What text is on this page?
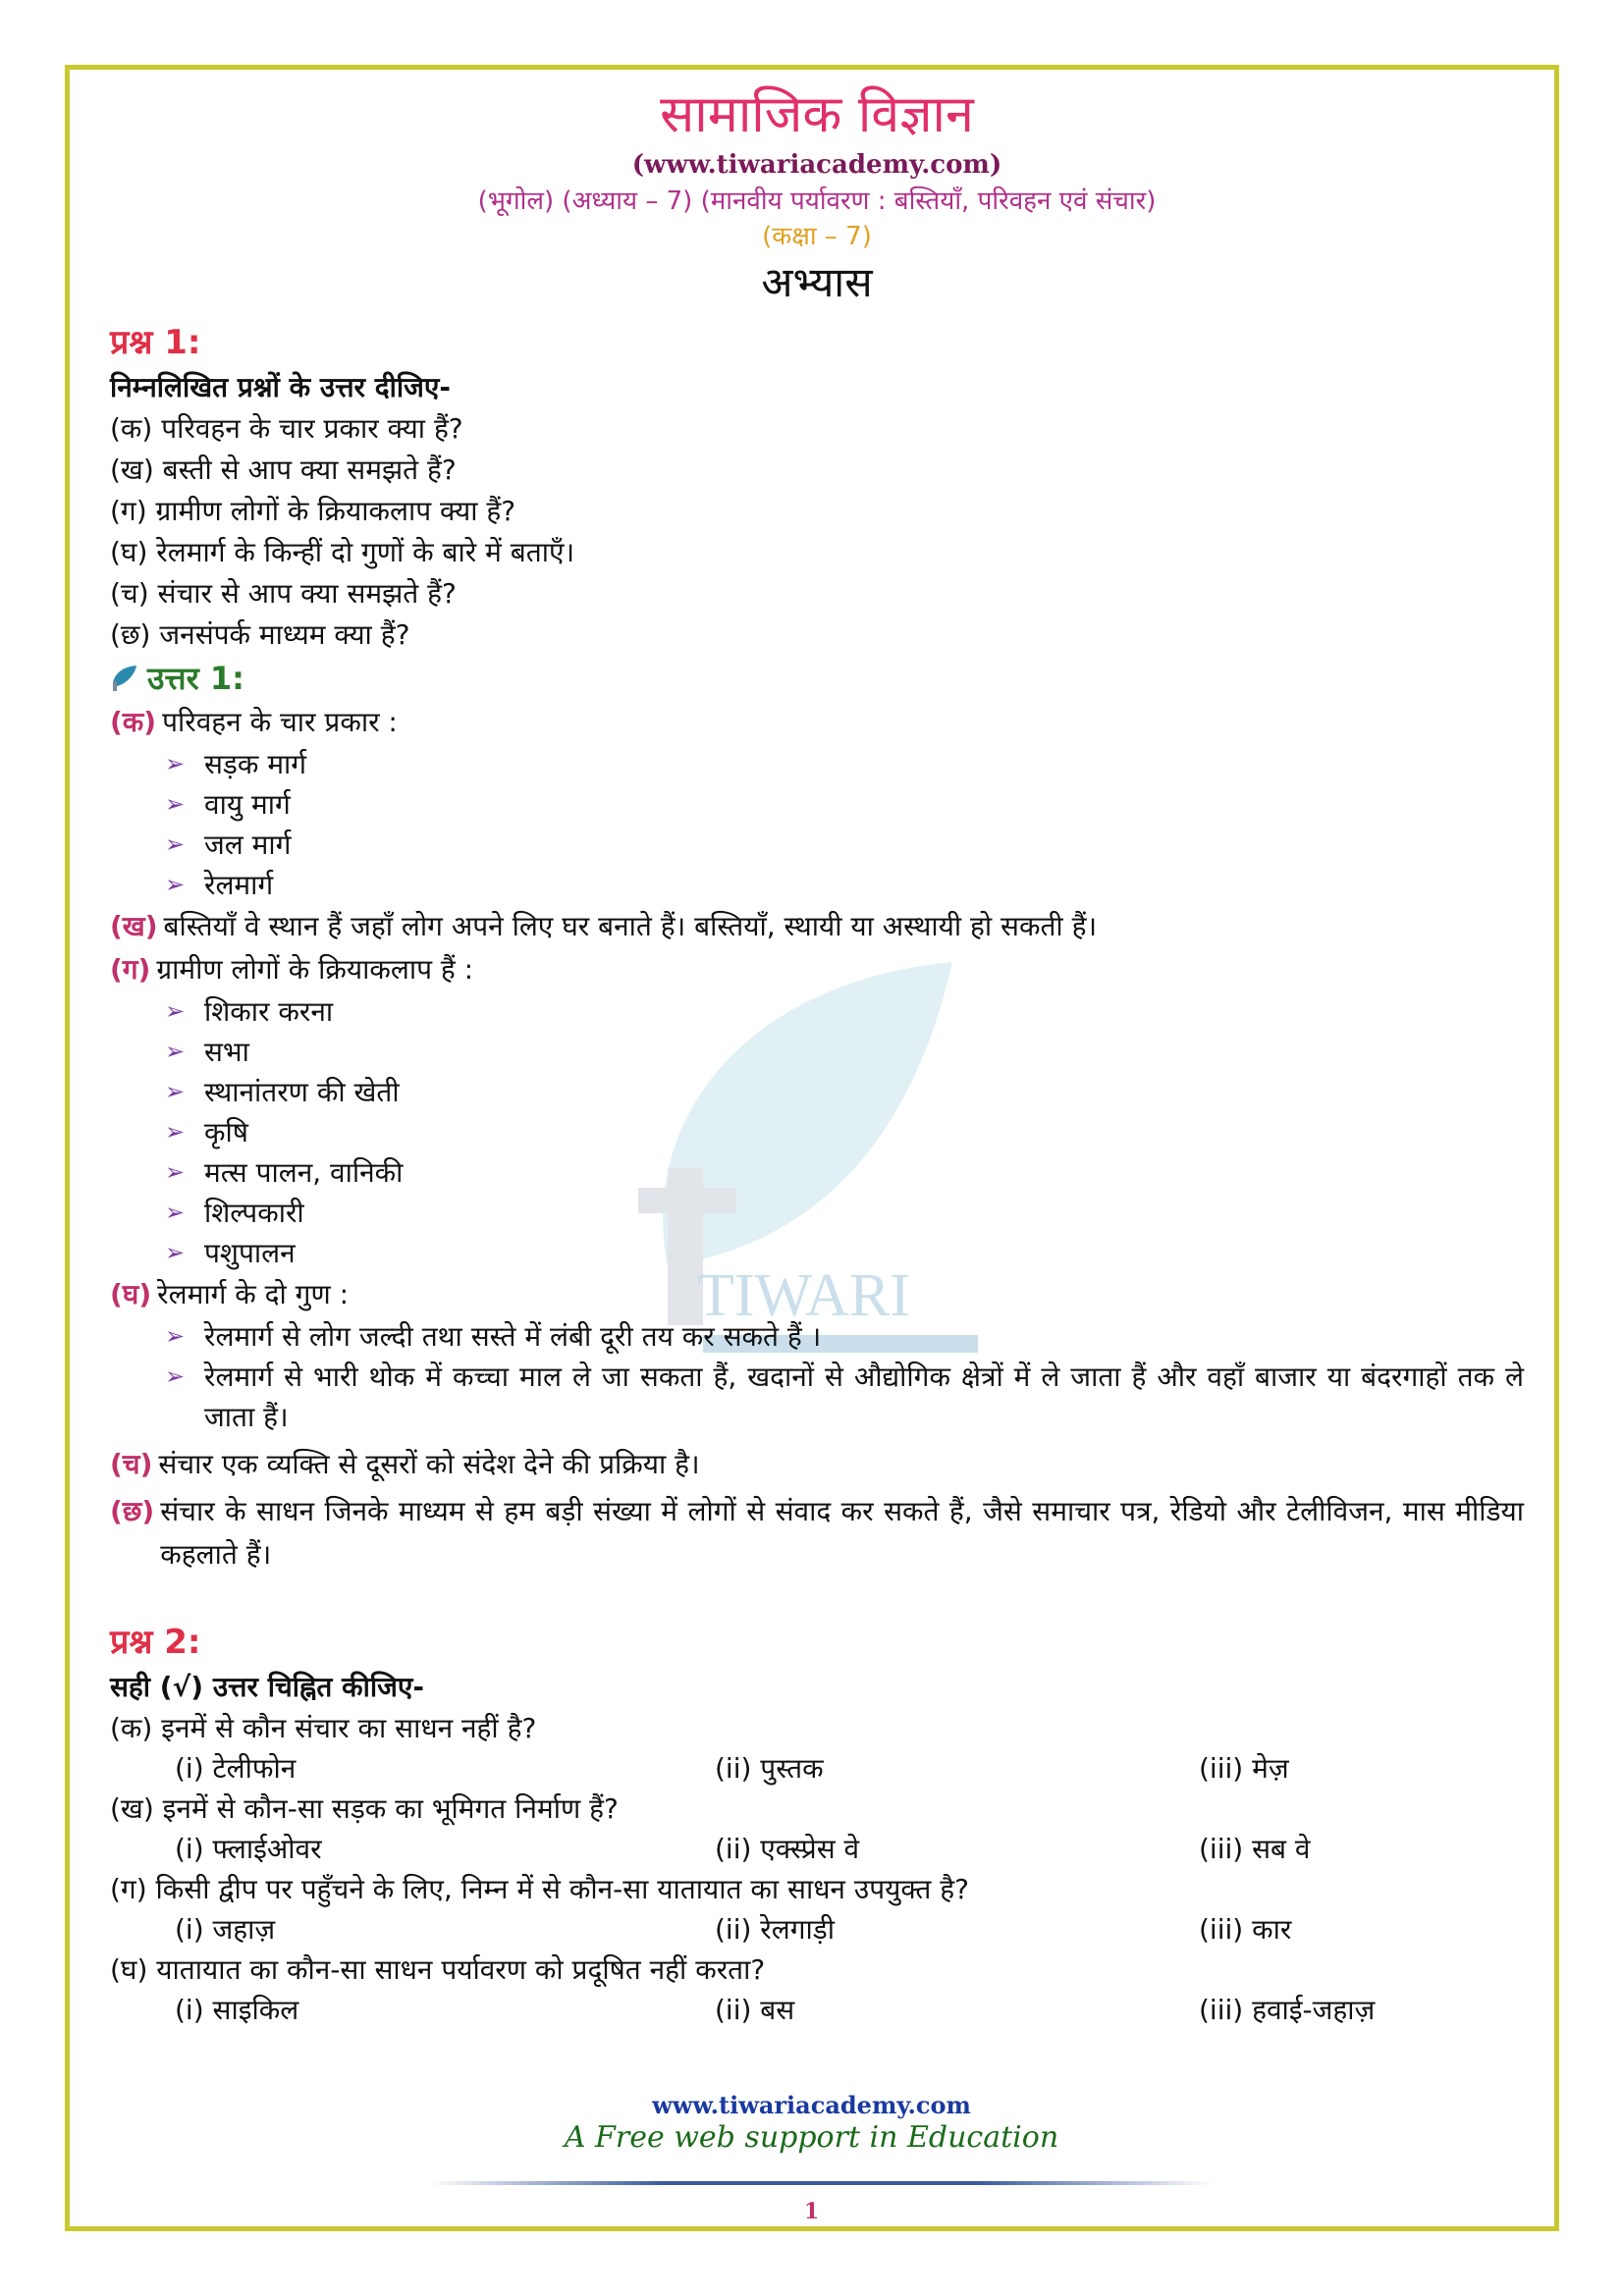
TIWARI
सामाजिक विज्ञान
(www.tiwariacademy.com)
(भूगोल) (अध्याय – 7) (मानवीय पर्यावरण : बस्तियाँ, परिवहन एवं संचार)
(कक्षा – 7)
अभ्यास
प्रश्न 1:
निम्नलिखित प्रश्नों के उत्तर दीजिए-
(क) परिवहन के चार प्रकार क्या हैं?
(ख) बस्ती से आप क्या समझते हैं?
(ग) ग्रामीण लोगों के क्रियाकलाप क्या हैं?
(घ) रेलमार्ग के किन्हीं दो गुणों के बारे में बताएँ।
(च) संचार से आप क्या समझते हैं?
(छ) जनसंपर्क माध्यम क्या हैं?
उत्तर 1:
(क) परिवहन के चार प्रकार :
➢ सड़क मार्ग
➢ वायु मार्ग
➢ जल मार्ग
➢ रेलमार्ग
(ख) बस्तियाँ वे स्थान हैं जहाँ लोग अपने लिए घर बनाते हैं। बस्तियाँ, स्थायी या अस्थायी हो सकती हैं।
(ग) ग्रामीण लोगों के क्रियाकलाप हैं :
➢ शिकार करना
➢ सभा
➢ स्थानांतरण की खेती
➢ कृषि
➢ मत्स पालन, वानिकी
➢ शिल्पकारी
➢ पशुपालन
(घ) रेलमार्ग के दो गुण :
➢ रेलमार्ग से लोग जल्दी तथा सस्ते में लंबी दूरी तय कर सकते हैं ।
➢ रेलमार्ग से भारी थोक में कच्चा माल ले जा सकता हैं, खदानों से औद्योगिक क्षेत्रों में ले जाता हैं और वहाँ बाजार या बंदरगाहों तक ले जाता हैं।
(च) संचार एक व्यक्ति से दूसरों को संदेश देने की प्रक्रिया है।
(छ) संचार के साधन जिनके माध्यम से हम बड़ी संख्या में लोगों से संवाद कर सकते हैं, जैसे समाचार पत्र, रेडियो और टेलीविजन, मास मीडिया कहलाते हैं।
प्रश्न 2:
सही (√) उत्तर चिह्नित कीजिए-
(क) इनमें से कौन संचार का साधन नहीं है?
(i) टेलीफोन	(ii) पुस्तक	(iii) मेज़
(ख) इनमें से कौन-सा सड़क का भूमिगत निर्माण हैं?
(i) फ्लाईओवर	(ii) एक्स्प्रेस वे	(iii) सब वे
(ग) किसी द्वीप पर पहुँचने के लिए, निम्न में से कौन-सा यातायात का साधन उपयुक्त है?
(i) जहाज़	(ii) रेलगाड़ी	(iii) कार
(घ) यातायात का कौन-सा साधन पर्यावरण को प्रदूषित नहीं करता?
(i) साइकिल	(ii) बस	(iii) हवाई-जहाज़
www.tiwariacademy.com
A Free web support in Education
1
